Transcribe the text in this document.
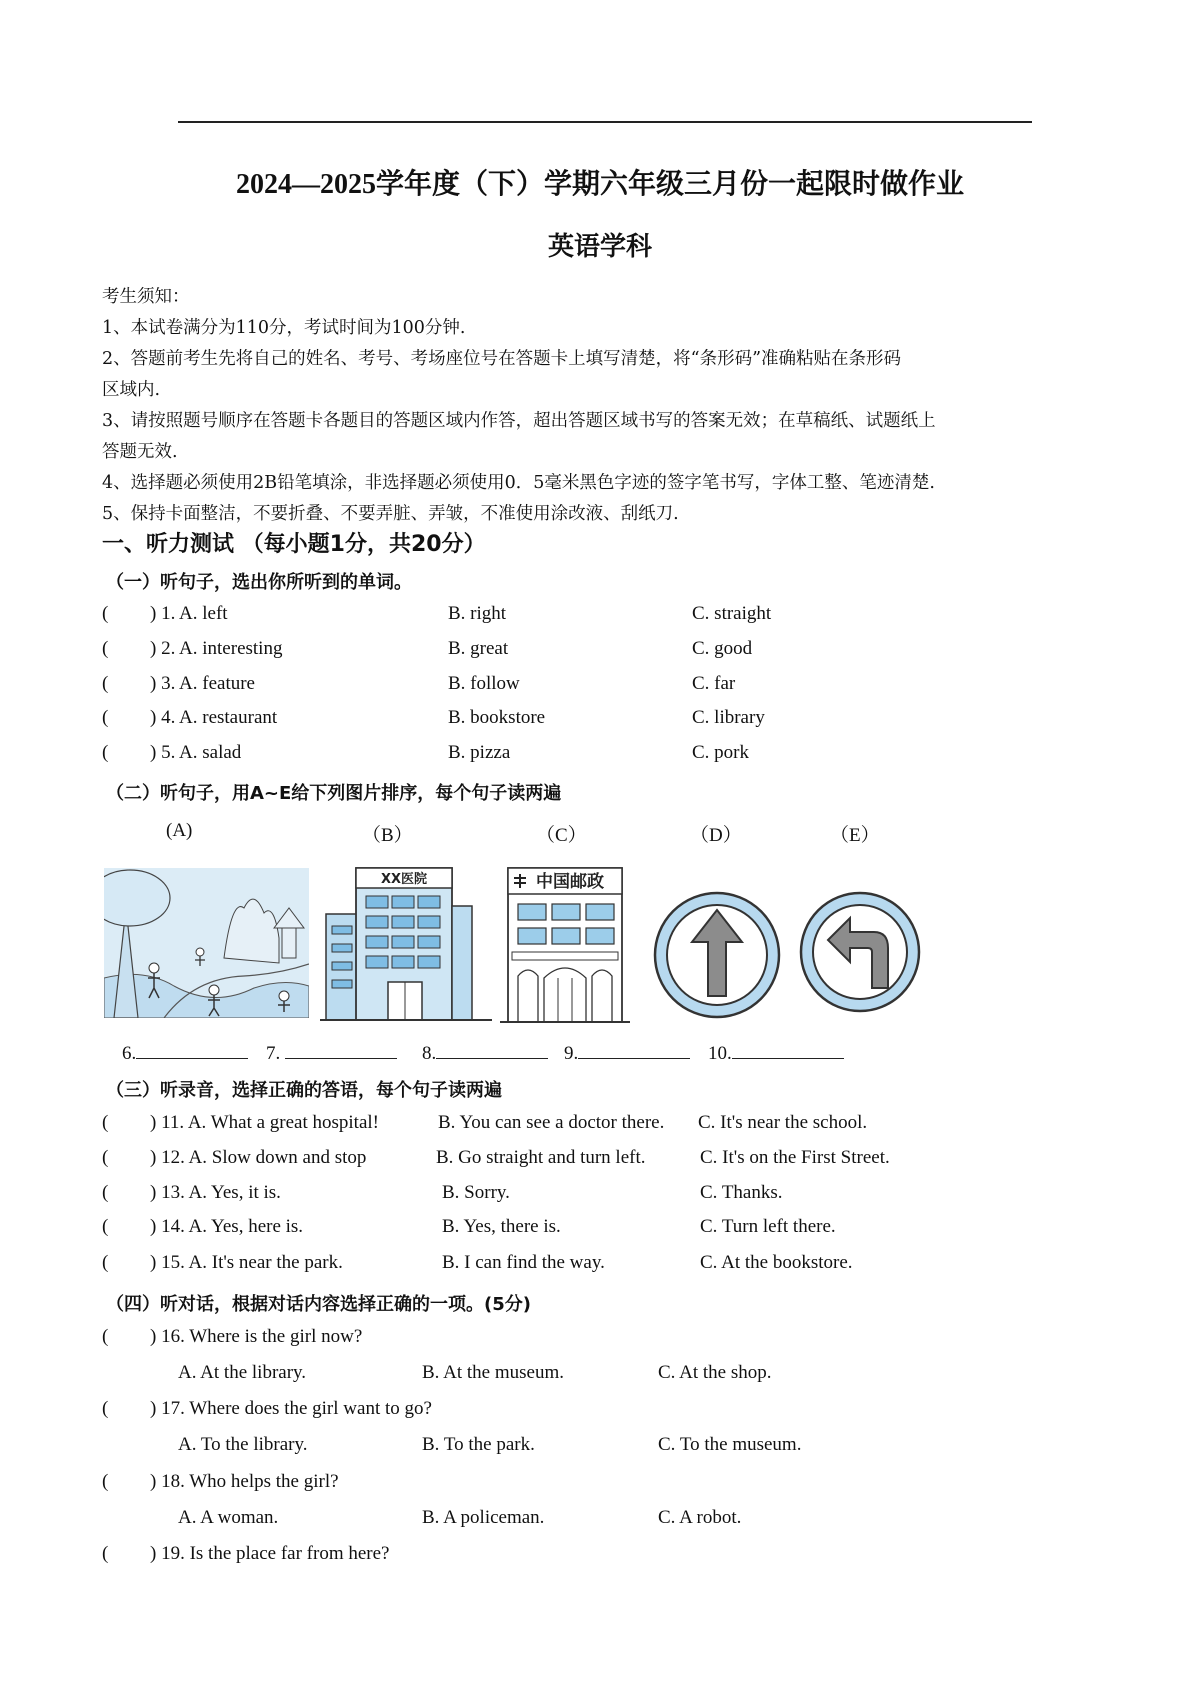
2024—2025学年度（下）学期六年级三月份一起限时做作业
英语学科
考生须知：
1、本试卷满分为110分，考试时间为100分钟.
2、答题前考生先将自己的姓名、考号、考场座位号在答题卡上填写清楚，将“条形码”准确粘贴在条形码
区域内.
3、请按照题号顺序在答题卡各题目的答题区域内作答，超出答题区域书写的答案无效；在草稿纸、试题纸上
答题无效.
4、选择题必须使用2B铅笔填涂，非选择题必须使用0．5毫米黑色字迹的签字笔书写，字体工整、笔迹清楚.
5、保持卡面整洁，不要折叠、不要弄脏、弄皱，不准使用涂改液、刮纸刀.
一、听力测试 （每小题1分，共20分）
（一）听句子，选出你所听到的单词。
( ) 1. A. left	B. right	C. straight
( ) 2. A. interesting	B. great	C. good
( ) 3. A. feature	B. follow	C. far
( ) 4. A. restaurant	B. bookstore	C. library
( ) 5. A. salad	B. pizza	C. pork
（二）听句子，用A~E给下列图片排序，每个句子读两遍
(A)	（B）	（C）	（D）	（E）
XX医院	中国邮政
6.	7.	8.	9.	10.
（三）听录音，选择正确的答语，每个句子读两遍
( ) 11. A. What a great hospital!	B. You can see a doctor there. C. It's near the school.
( ) 12. A. Slow down and stop	B. Go straight and turn left.	C. It's on the First Street.
( ) 13. A. Yes, it is.	B. Sorry.	C. Thanks.
( ) 14. A. Yes, here is.	B. Yes, there is.	C. Turn left there.
( ) 15. A. It's near the park.	B. I can find the way.	C. At the bookstore.
（四）听对话，根据对话内容选择正确的一项。(5分)
( ) 16. Where is the girl now?
A. At the library.	B. At the museum.	C. At the shop.
( ) 17. Where does the girl want to go?
A. To the library.	B. To the park.	C. To the museum.
( ) 18. Who helps the girl?
A. A woman.	B. A policeman.	C. A robot.
( ) 19. Is the place far from here?
